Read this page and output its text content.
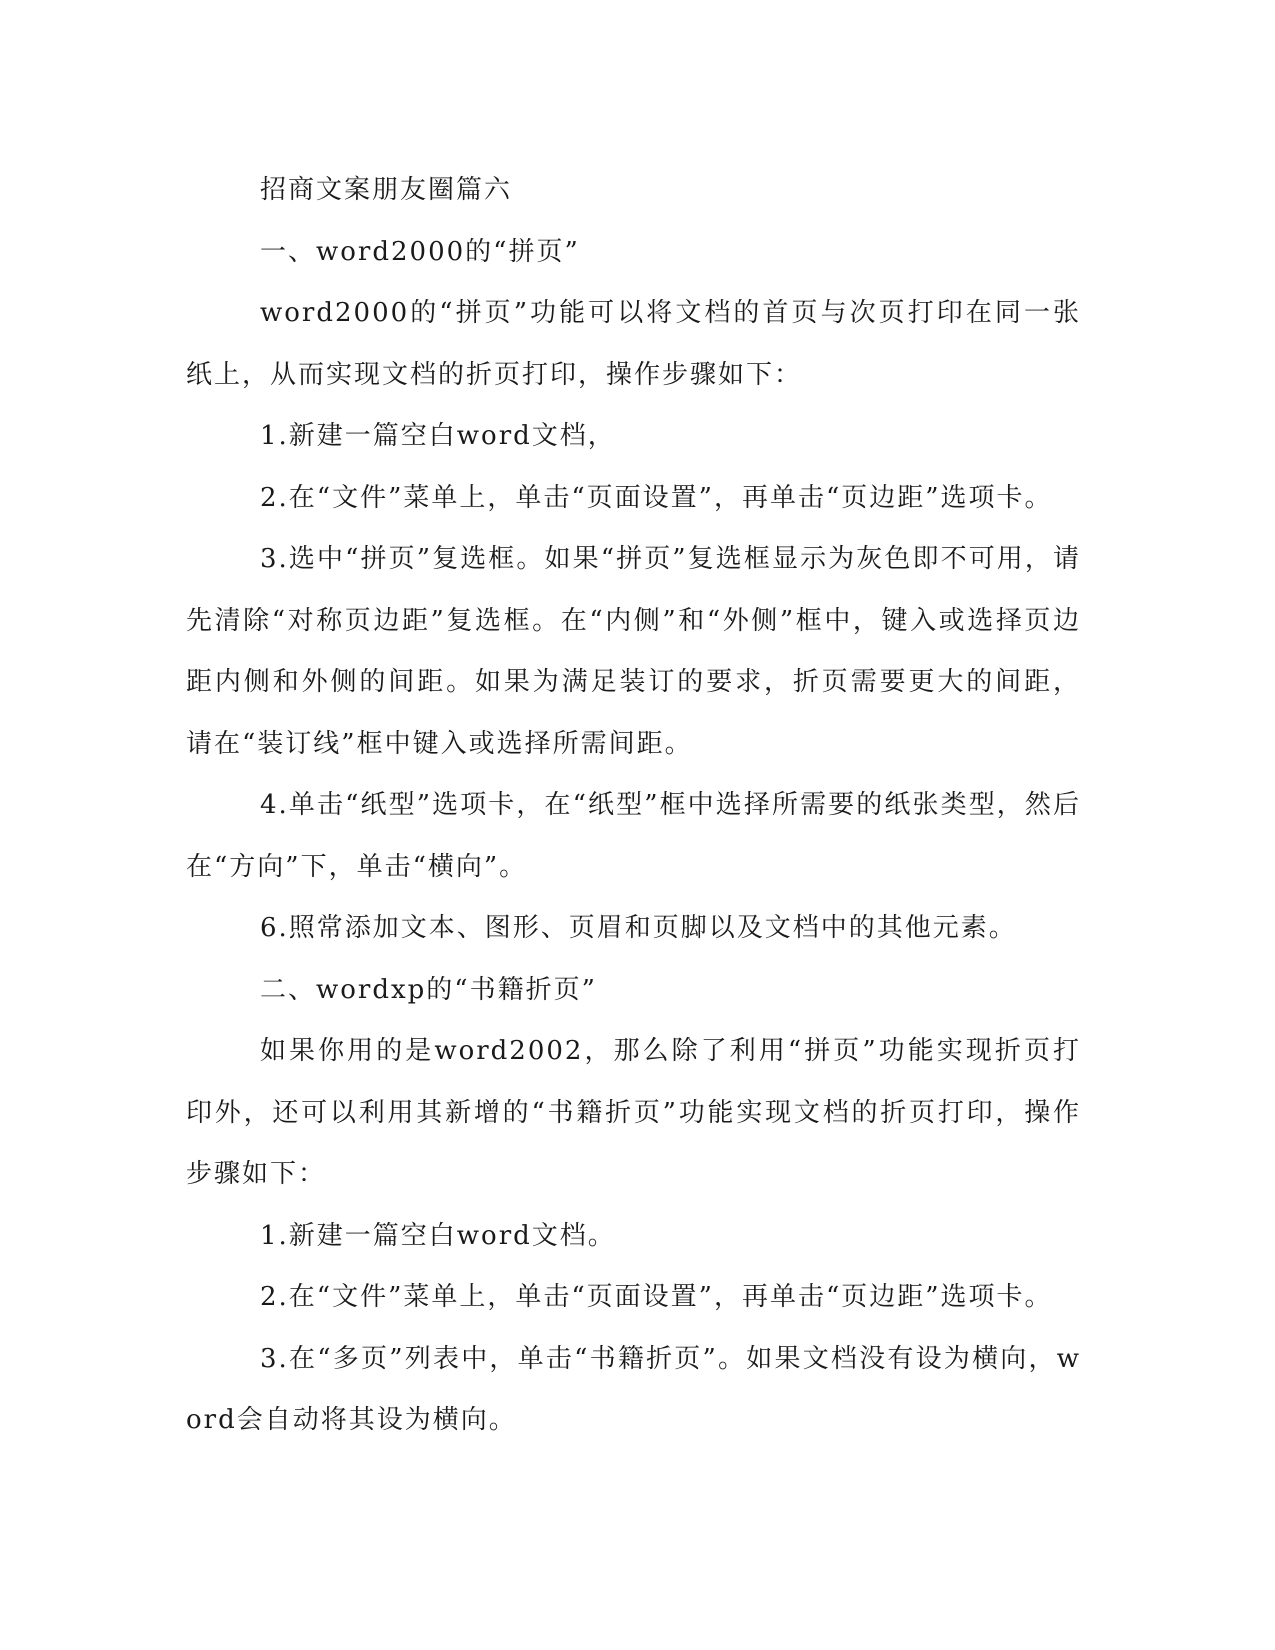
招商文案朋友圈篇六

一、word2000的“拼页”

word2000的“拼页”功能可以将文档的首页与次页打印在同一张纸上，从而实现文档的折页打印，操作步骤如下：

1.新建一篇空白word文档，

2.在“文件”菜单上，单击“页面设置”，再单击“页边距”选项卡。

3.选中“拼页”复选框。如果“拼页”复选框显示为灰色即不可用，请先清除“对称页边距”复选框。在“内侧”和“外侧”框中，键入或选择页边距内侧和外侧的间距。如果为满足装订的要求，折页需要更大的间距，请在“装订线”框中键入或选择所需间距。

4.单击“纸型”选项卡，在“纸型”框中选择所需要的纸张类型，然后在“方向”下，单击“横向”。

6.照常添加文本、图形、页眉和页脚以及文档中的其他元素。

二、wordxp的“书籍折页”

如果你用的是word2002，那么除了利用“拼页”功能实现折页打印外，还可以利用其新增的“书籍折页”功能实现文档的折页打印，操作步骤如下：

1.新建一篇空白word文档。

2.在“文件”菜单上，单击“页面设置”，再单击“页边距”选项卡。

3.在“多页”列表中，单击“书籍折页”。如果文档没有设为横向，word会自动将其设为横向。
